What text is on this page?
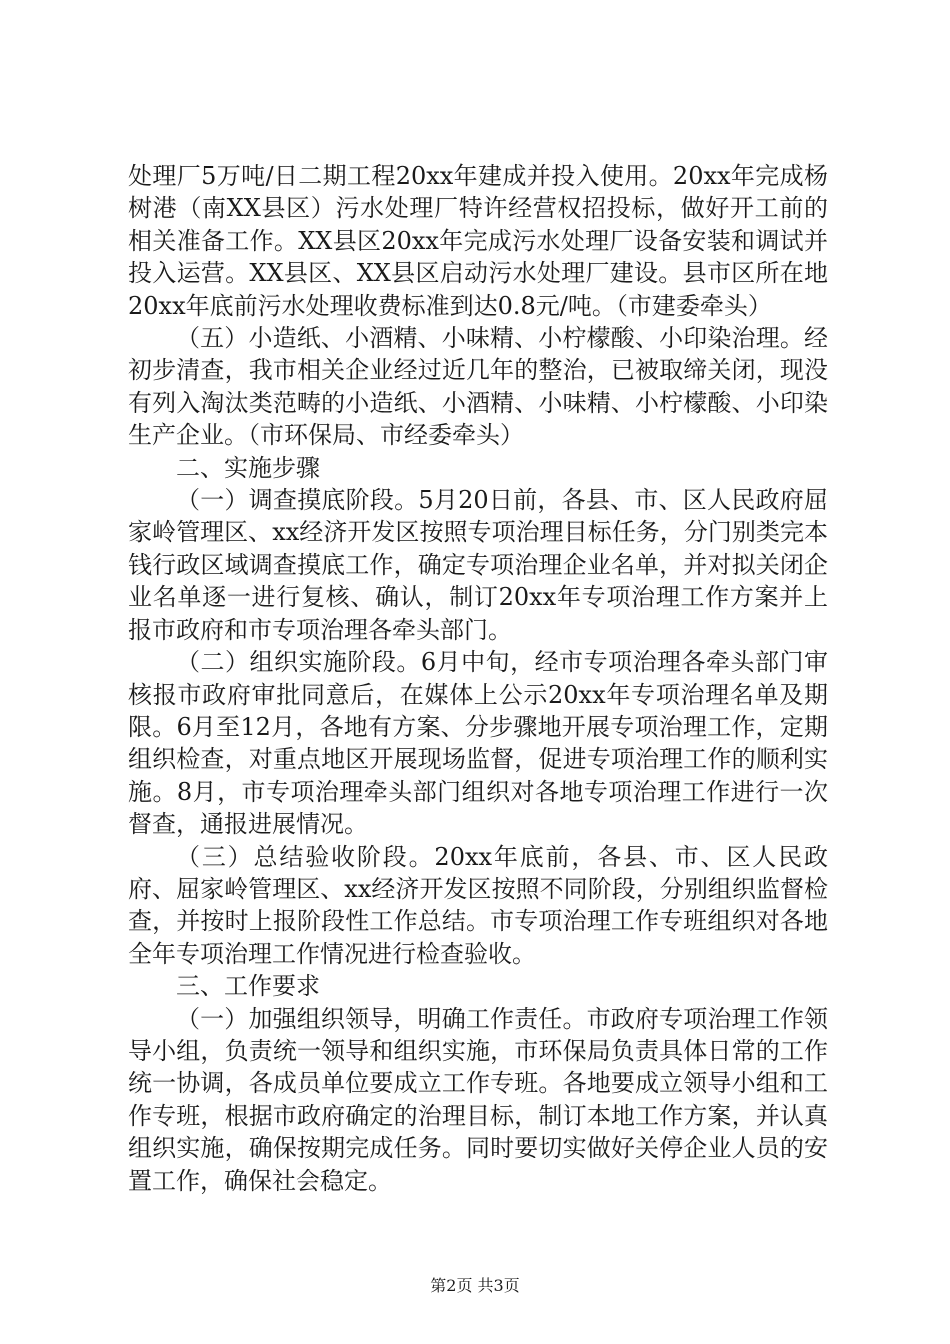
处理厂5万吨/日二期工程20xx年建成并投入使用。20xx年完成杨树港（南XX县区）污水处理厂特许经营权招投标，做好开工前的相关准备工作。XX县区20xx年完成污水处理厂设备安装和调试并投入运营。XX县区、XX县区启动污水处理厂建设。县市区所在地20xx年底前污水处理收费标准到达0.8元/吨。（市建委牵头）

（五）小造纸、小酒精、小味精、小柠檬酸、小印染治理。经初步清查，我市相关企业经过近几年的整治，已被取缔关闭，现没有列入淘汰类范畴的小造纸、小酒精、小味精、小柠檬酸、小印染生产企业。（市环保局、市经委牵头）

二、实施步骤

（一）调查摸底阶段。5月20日前，各县、市、区人民政府屈家岭管理区、xx经济开发区按照专项治理目标任务，分门别类完本钱行政区域调查摸底工作，确定专项治理企业名单，并对拟关闭企业名单逐一进行复核、确认，制订20xx年专项治理工作方案并上报市政府和市专项治理各牵头部门。

（二）组织实施阶段。6月中旬，经市专项治理各牵头部门审核报市政府审批同意后，在媒体上公示20xx年专项治理名单及期限。6月至12月，各地有方案、分步骤地开展专项治理工作，定期组织检查，对重点地区开展现场监督，促进专项治理工作的顺利实施。8月，市专项治理牵头部门组织对各地专项治理工作进行一次督查，通报进展情况。

（三）总结验收阶段。20xx年底前，各县、市、区人民政府、屈家岭管理区、xx经济开发区按照不同阶段，分别组织监督检查，并按时上报阶段性工作总结。市专项治理工作专班组织对各地全年专项治理工作情况进行检查验收。

三、工作要求

（一）加强组织领导，明确工作责任。市政府专项治理工作领导小组，负责统一领导和组织实施，市环保局负责具体日常的工作统一协调，各成员单位要成立工作专班。各地要成立领导小组和工作专班，根据市政府确定的治理目标，制订本地工作方案，并认真组织实施，确保按期完成任务。同时要切实做好关停企业人员的安置工作，确保社会稳定。

第2页 共3页
